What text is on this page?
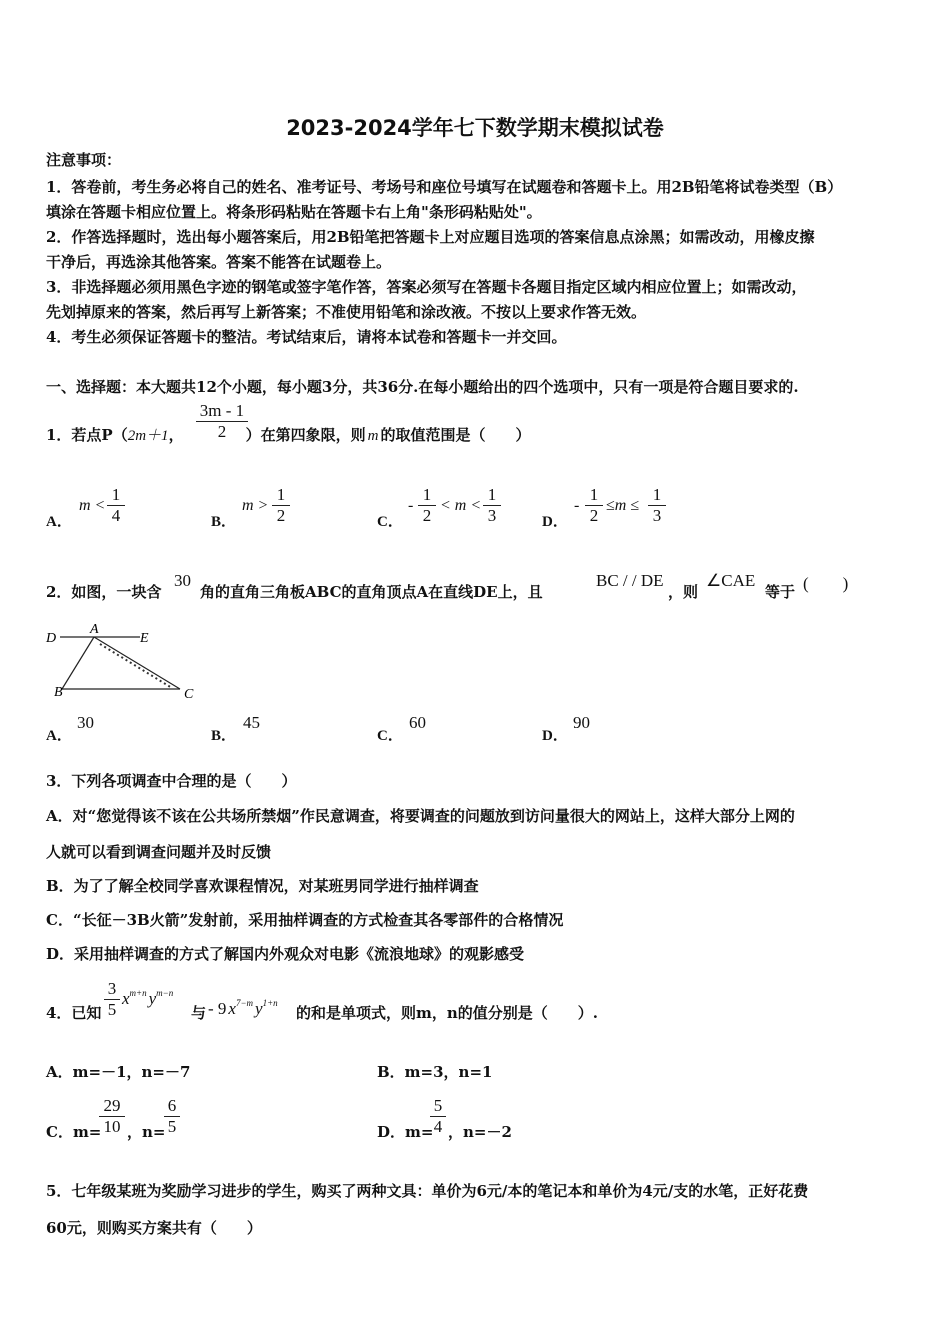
2023-2024学年七下数学期末模拟试卷
注意事项：
1．答卷前，考生务必将自己的姓名、准考证号、考场号和座位号填写在试题卷和答题卡上。用2B铅笔将试卷类型（B）
填涂在答题卡相应位置上。将条形码粘贴在答题卡右上角"条形码粘贴处"。
2．作答选择题时，选出每小题答案后，用2B铅笔把答题卡上对应题目选项的答案信息点涂黑；如需改动，用橡皮擦
干净后，再选涂其他答案。答案不能答在试题卷上。
3．非选择题必须用黑色字迹的钢笔或签字笔作答，答案必须写在答题卡各题目指定区域内相应位置上；如需改动，
先划掉原来的答案，然后再写上新答案；不准使用铅笔和涂改液。不按以上要求作答无效。
4．考生必须保证答题卡的整洁。考试结束后，请将本试卷和答题卡一并交回。
一、选择题：本大题共12个小题，每小题3分，共36分.在每小题给出的四个选项中，只有一项是符合题目要求的.
1．若点P（2m＋1，	）在第四象限，则 m 的取值范围是（　　）
3m - 1
2
A．
m <
1
4	B．
m >
1
2	C．
-
1
2
< m <
1
3	D．
-
1
2
≤m ≤
1
3
2．如图，一块含
30
角的直角三角板ABC的直角顶点A在直线DE上，且
BC / / DE
，则
∠CAE
等于 (　　)
D
A
E
B	C
A．
30
B．
45
C．
60
D．
90
3．下列各项调查中合理的是（　　）
A．对“您觉得该不该在公共场所禁烟”作民意调查，将要调查的问题放到访问量很大的网站上，这样大部分上网的
人就可以看到调查问题并及时反馈
B．为了了解全校同学喜欢课程情况，对某班男同学进行抽样调查
C．“长征－3B火箭”发射前，采用抽样调查的方式检查其各零部件的合格情况
D．采用抽样调查的方式了解国内外观众对电影《流浪地球》的观影感受
4．已知
3
5
$x^{m+n}$ $y^{m-n}$
与 - 9 $x^{7-m}$ $y^{1+n}$
的和是单项式，则m，n的值分别是（　　）.
A．m=－1，n=－7	B．m=3，n=1
C．m=
29
10 ，n=
6
5	D．m=
5
4 ，n=－2
5．七年级某班为奖励学习进步的学生，购买了两种文具：单价为6元/本的笔记本和单价为4元/支的水笔，正好花费
60元，则购买方案共有（　　）
